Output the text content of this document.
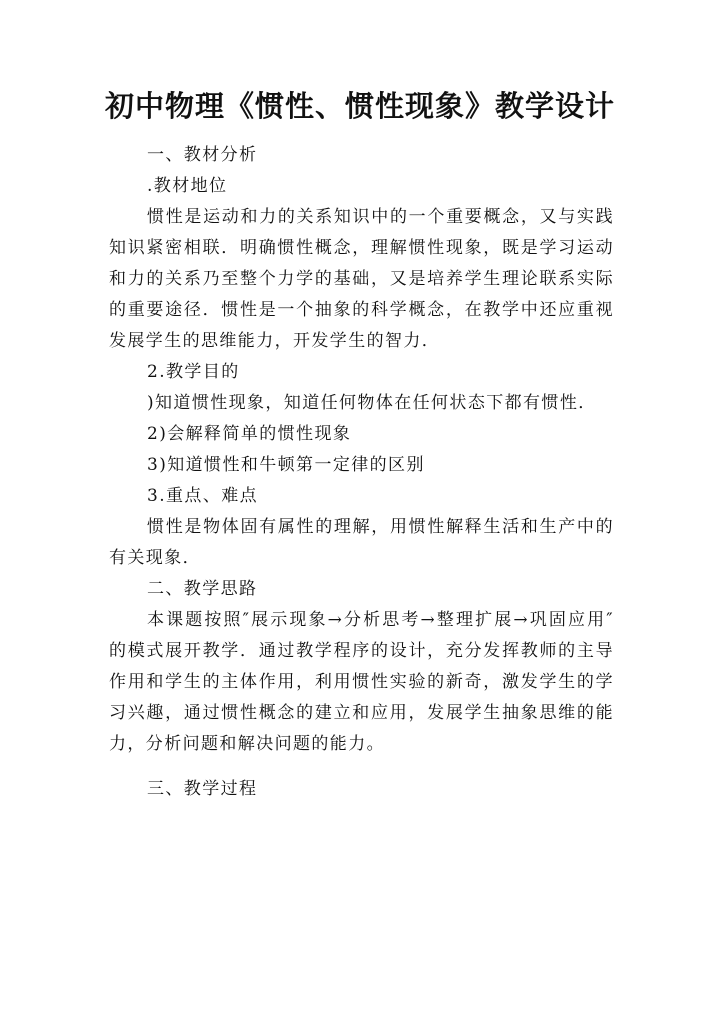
初中物理《惯性、惯性现象》教学设计

一、教材分析

.教材地位

惯性是运动和力的关系知识中的一个重要概念，又与实践知识紧密相联．明确惯性概念，理解惯性现象，既是学习运动和力的关系乃至整个力学的基础，又是培养学生理论联系实际的重要途径．惯性是一个抽象的科学概念，在教学中还应重视发展学生的思维能力，开发学生的智力．

2.教学目的

)知道惯性现象，知道任何物体在任何状态下都有惯性．

2)会解释简单的惯性现象

3)知道惯性和牛顿第一定律的区别

3.重点、难点

惯性是物体固有属性的理解，用惯性解释生活和生产中的有关现象．

二、教学思路

本课题按照″展示现象→分析思考→整理扩展→巩固应用″的模式展开教学．通过教学程序的设计，充分发挥教师的主导作用和学生的主体作用，利用惯性实验的新奇，激发学生的学习兴趣，通过惯性概念的建立和应用，发展学生抽象思维的能力，分析问题和解决问题的能力。

三、教学过程
